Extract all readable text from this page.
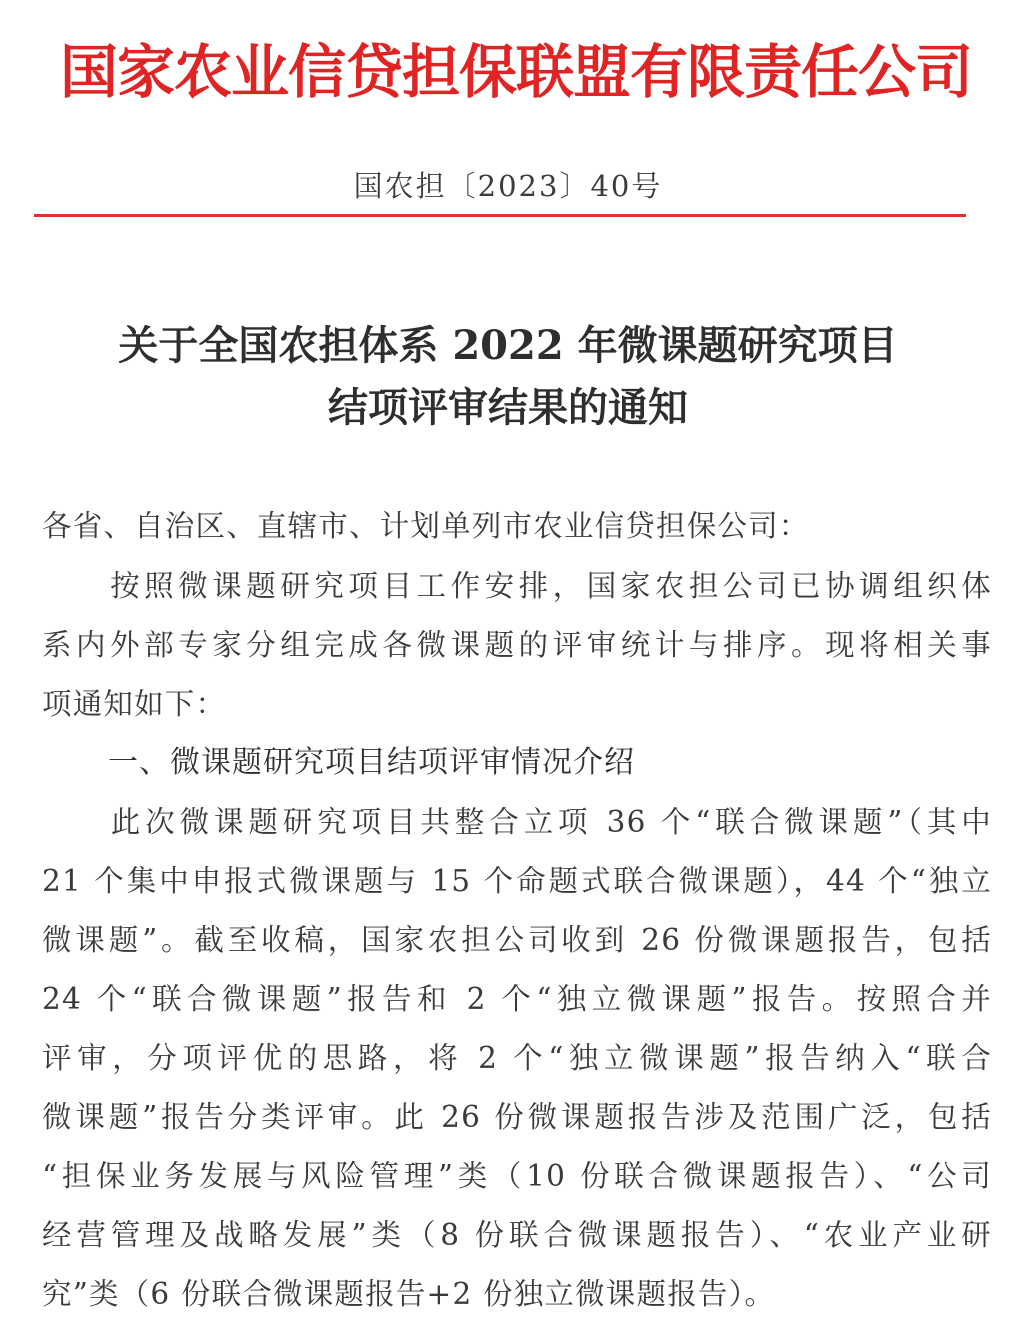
国家农业信贷担保联盟有限责任公司
国农担〔2023〕40号
关于全国农担体系 2022 年微课题研究项目
结项评审结果的通知
各省、自治区、直辖市、计划单列市农业信贷担保公司：
　　按照微课题研究项目工作安排，国家农担公司已协调组织体
系内外部专家分组完成各微课题的评审统计与排序。现将相关事
项通知如下：
一、微课题研究项目结项评审情况介绍
　　此次微课题研究项目共整合立项 36 个“联合微课题”（其中
21 个集中申报式微课题与 15 个命题式联合微课题），44 个“独立
微课题”。截至收稿，国家农担公司收到 26 份微课题报告，包括
24 个“联合微课题”报告和 2 个“独立微课题”报告。按照合并
评审，分项评优的思路，将 2 个“独立微课题”报告纳入“联合
微课题”报告分类评审。此 26 份微课题报告涉及范围广泛，包括
“担保业务发展与风险管理”类（10 份联合微课题报告）、“公司
经营管理及战略发展”类（8 份联合微课题报告）、“农业产业研
究”类（6 份联合微课题报告+2 份独立微课题报告）。
